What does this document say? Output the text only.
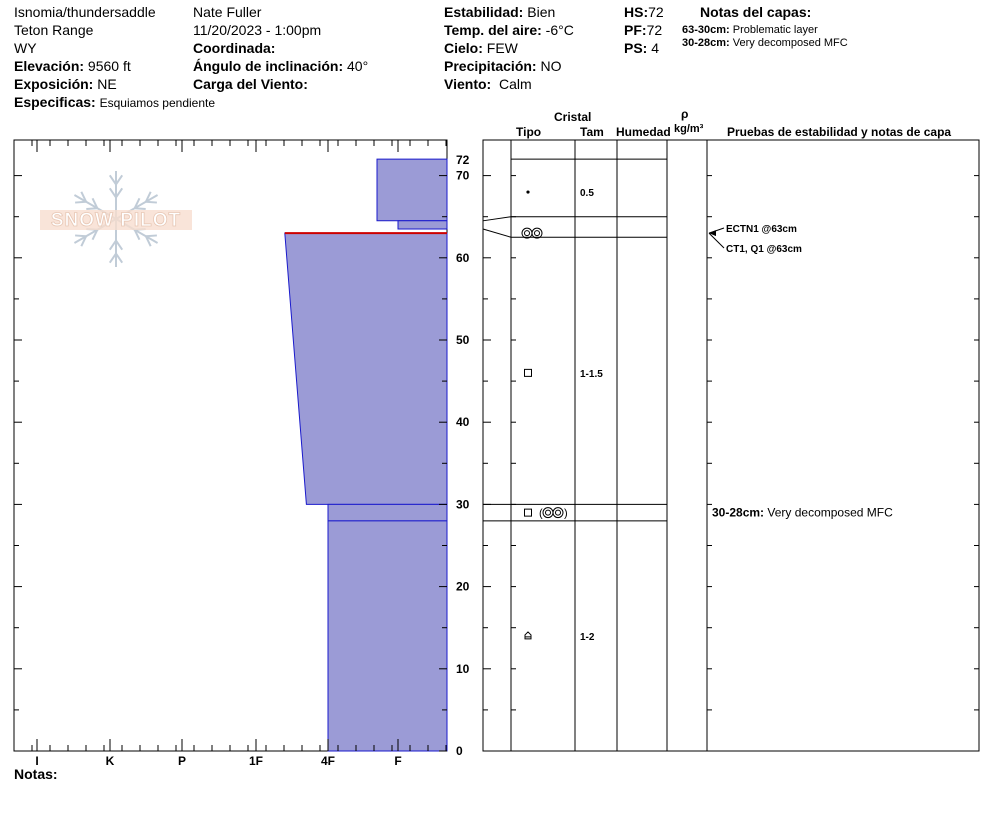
Isnomia/thundersaddle
Teton Range
WY
Elevación: 9560 ft
Exposición: NE
Especificas: Esquiamos pendiente
Nate Fuller
11/20/2023 - 1:00pm
Coordinada:
Ángulo de inclinación: 40°
Carga del Viento:
Estabilidad: Bien
Temp. del aire: -6°C
Cielo: FEW
Precipitación: NO
Viento: Calm
HS:72
PF:72
PS: 4
Notas del capas:
63-30cm: Problematic layer
30-28cm: Very decomposed MFC
Cristal
Tipo	Tam Humedad
ρ
kg/m³ Pruebas de estabilidad y notas de capa
Notas:
SNOW PILOT
I	K	P	1F	4F	F
0
10
20
30
40
50
60
70
72
0.5
1-1.5
( )
1-2
ECTN1 @63cm
CT1, Q1 @63cm
30-28cm: Very decomposed MFC
